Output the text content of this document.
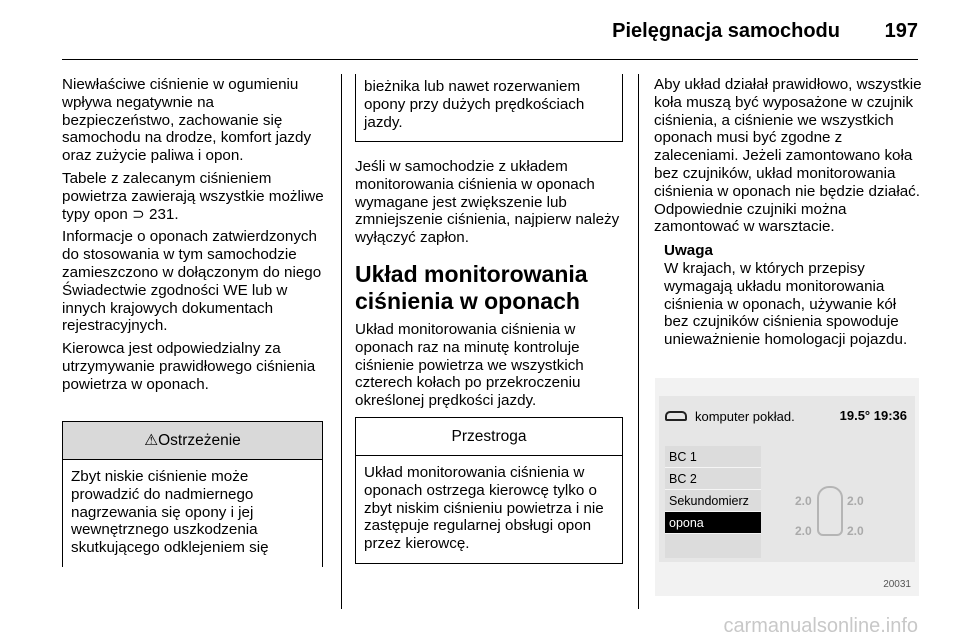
Pielęgnacja samochodu 197

Niewłaściwe ciśnienie w ogumieniu wpływa negatywnie na bezpieczeństwo, zachowanie się samochodu na drodze, komfort jazdy oraz zużycie paliwa i opon.

Tabele z zalecanym ciśnieniem powietrza zawierają wszystkie możliwe typy opon ⊃ 231.

Informacje o oponach zatwierdzonych do stosowania w tym samochodzie zamieszczono w dołączonym do niego Świadectwie zgodności WE lub w innych krajowych dokumentach rejestracyjnych.

Kierowca jest odpowiedzialny za utrzymywanie prawidłowego ciśnienia powietrza w oponach.

⚠ Ostrzeżenie
Zbyt niskie ciśnienie może prowadzić do nadmiernego nagrzewania się opony i jej wewnętrznego uszkodzenia skutkującego odklejeniem się
bieżnika lub nawet rozerwaniem opony przy dużych prędkościach jazdy.

Jeśli w samochodzie z układem monitorowania ciśnienia w oponach wymagane jest zwiększenie lub zmniejszenie ciśnienia, najpierw należy wyłączyć zapłon.

Układ monitorowania ciśnienia w oponach

Układ monitorowania ciśnienia w oponach raz na minutę kontroluje ciśnienie powietrza we wszystkich czterech kołach po przekroczeniu określonej prędkości jazdy.

Przestroga
Układ monitorowania ciśnienia w oponach ostrzega kierowcę tylko o zbyt niskim ciśnieniu powietrza i nie zastępuje regularnej obsługi opon przez kierowcę.

Aby układ działał prawidłowo, wszystkie koła muszą być wyposażone w czujnik ciśnienia, a ciśnienie we wszystkich oponach musi być zgodne z zaleceniami. Jeżeli zamontowano koła bez czujników, układ monitorowania ciśnienia w oponach nie będzie działać. Odpowiednie czujniki można zamontować w warsztacie.

Uwaga
W krajach, w których przepisy wymagają układu monitorowania ciśnienia w oponach, używanie kół bez czujników ciśnienia spowoduje unieważnienie homologacji pojazdu.
komputer pokład.	19.5° 19:36
BC 1
BC 2
Sekundomierz
opona
2.0	2.0
2.0	2.0
20031
carmanualsonline.info
